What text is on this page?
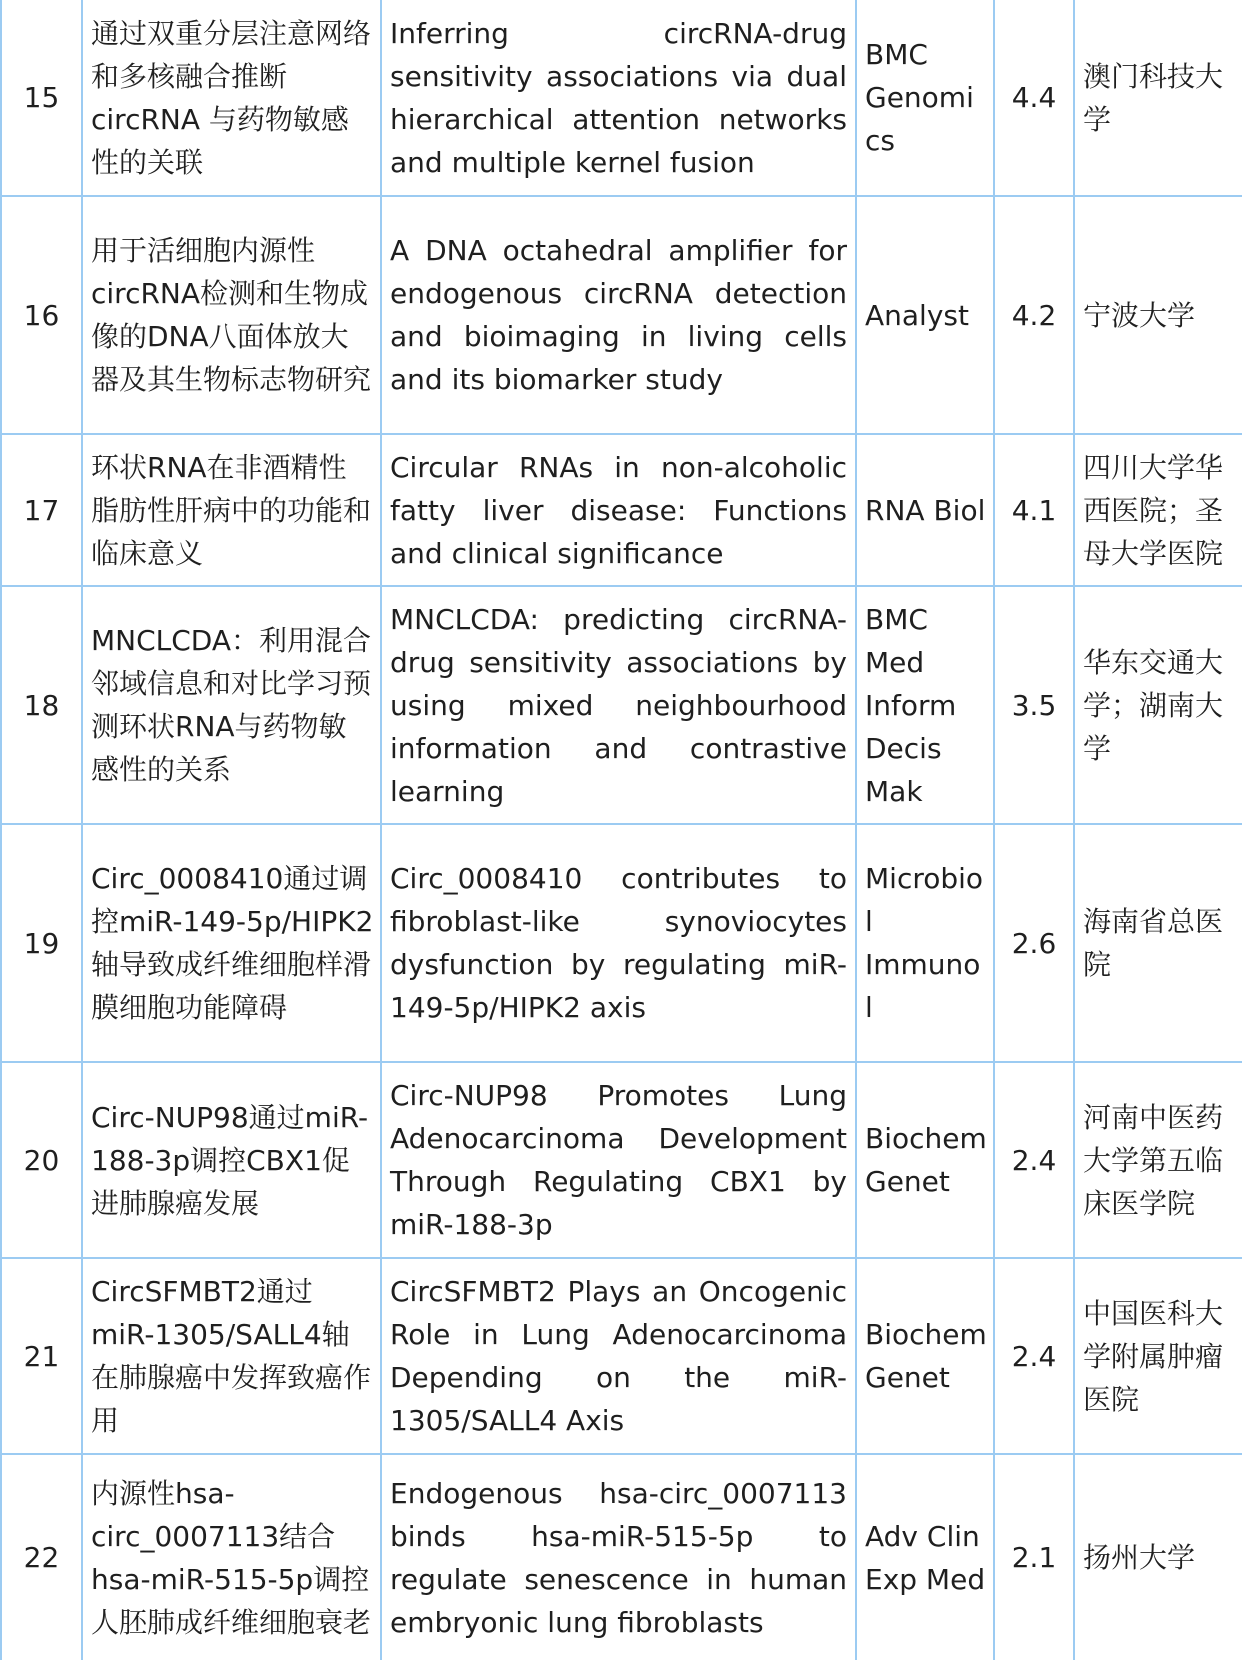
15	通过双重分层注意网络和多核融合推断circRNA 与药物敏感性的关联	Inferring circRNA-drug sensitivity associations via dual hierarchical attention networks and multiple kernel fusion	BMC Genomics	4.4	澳门科技大学
16	用于活细胞内源性circRNA检测和生物成像的DNA八面体放大器及其生物标志物研究	A DNA octahedral amplifier for endogenous circRNA detection and bioimaging in living cells and its biomarker study	Analyst	4.2	宁波大学
17	环状RNA在非酒精性脂肪性肝病中的功能和临床意义	Circular RNAs in non-alcoholic fatty liver disease: Functions and clinical significance	RNA Biol	4.1	四川大学华西医院；圣母大学医院
18	MNCLCDA：利用混合邻域信息和对比学习预测环状RNA与药物敏感性的关系	MNCLCDA: predicting circRNA-drug sensitivity associations by using mixed neighbourhood information and contrastive learning	BMC Med Inform Decis Mak	3.5	华东交通大学；湖南大学
19	Circ_0008410通过调控miR-149-5p/HIPK2轴导致成纤维细胞样滑膜细胞功能障碍	Circ_0008410 contributes to fibroblast-like synoviocytes dysfunction by regulating miR-149-5p/HIPK2 axis	Microbiol Immunol	2.6	海南省总医院
20	Circ-NUP98通过miR-188-3p调控CBX1促进肺腺癌发展	Circ-NUP98 Promotes Lung Adenocarcinoma Development Through Regulating CBX1 by miR-188-3p	Biochem Genet	2.4	河南中医药大学第五临床医学院
21	CircSFMBT2通过miR-1305/SALL4轴在肺腺癌中发挥致癌作用	CircSFMBT2 Plays an Oncogenic Role in Lung Adenocarcinoma Depending on the miR-1305/SALL4 Axis	Biochem Genet	2.4	中国医科大学附属肿瘤医院
22	内源性hsa-circ_0007113结合hsa-miR-515-5p调控人胚肺成纤维细胞衰老	Endogenous hsa-circ_0007113 binds hsa-miR-515-5p to regulate senescence in human embryonic lung fibroblasts	Adv Clin Exp Med	2.1	扬州大学
